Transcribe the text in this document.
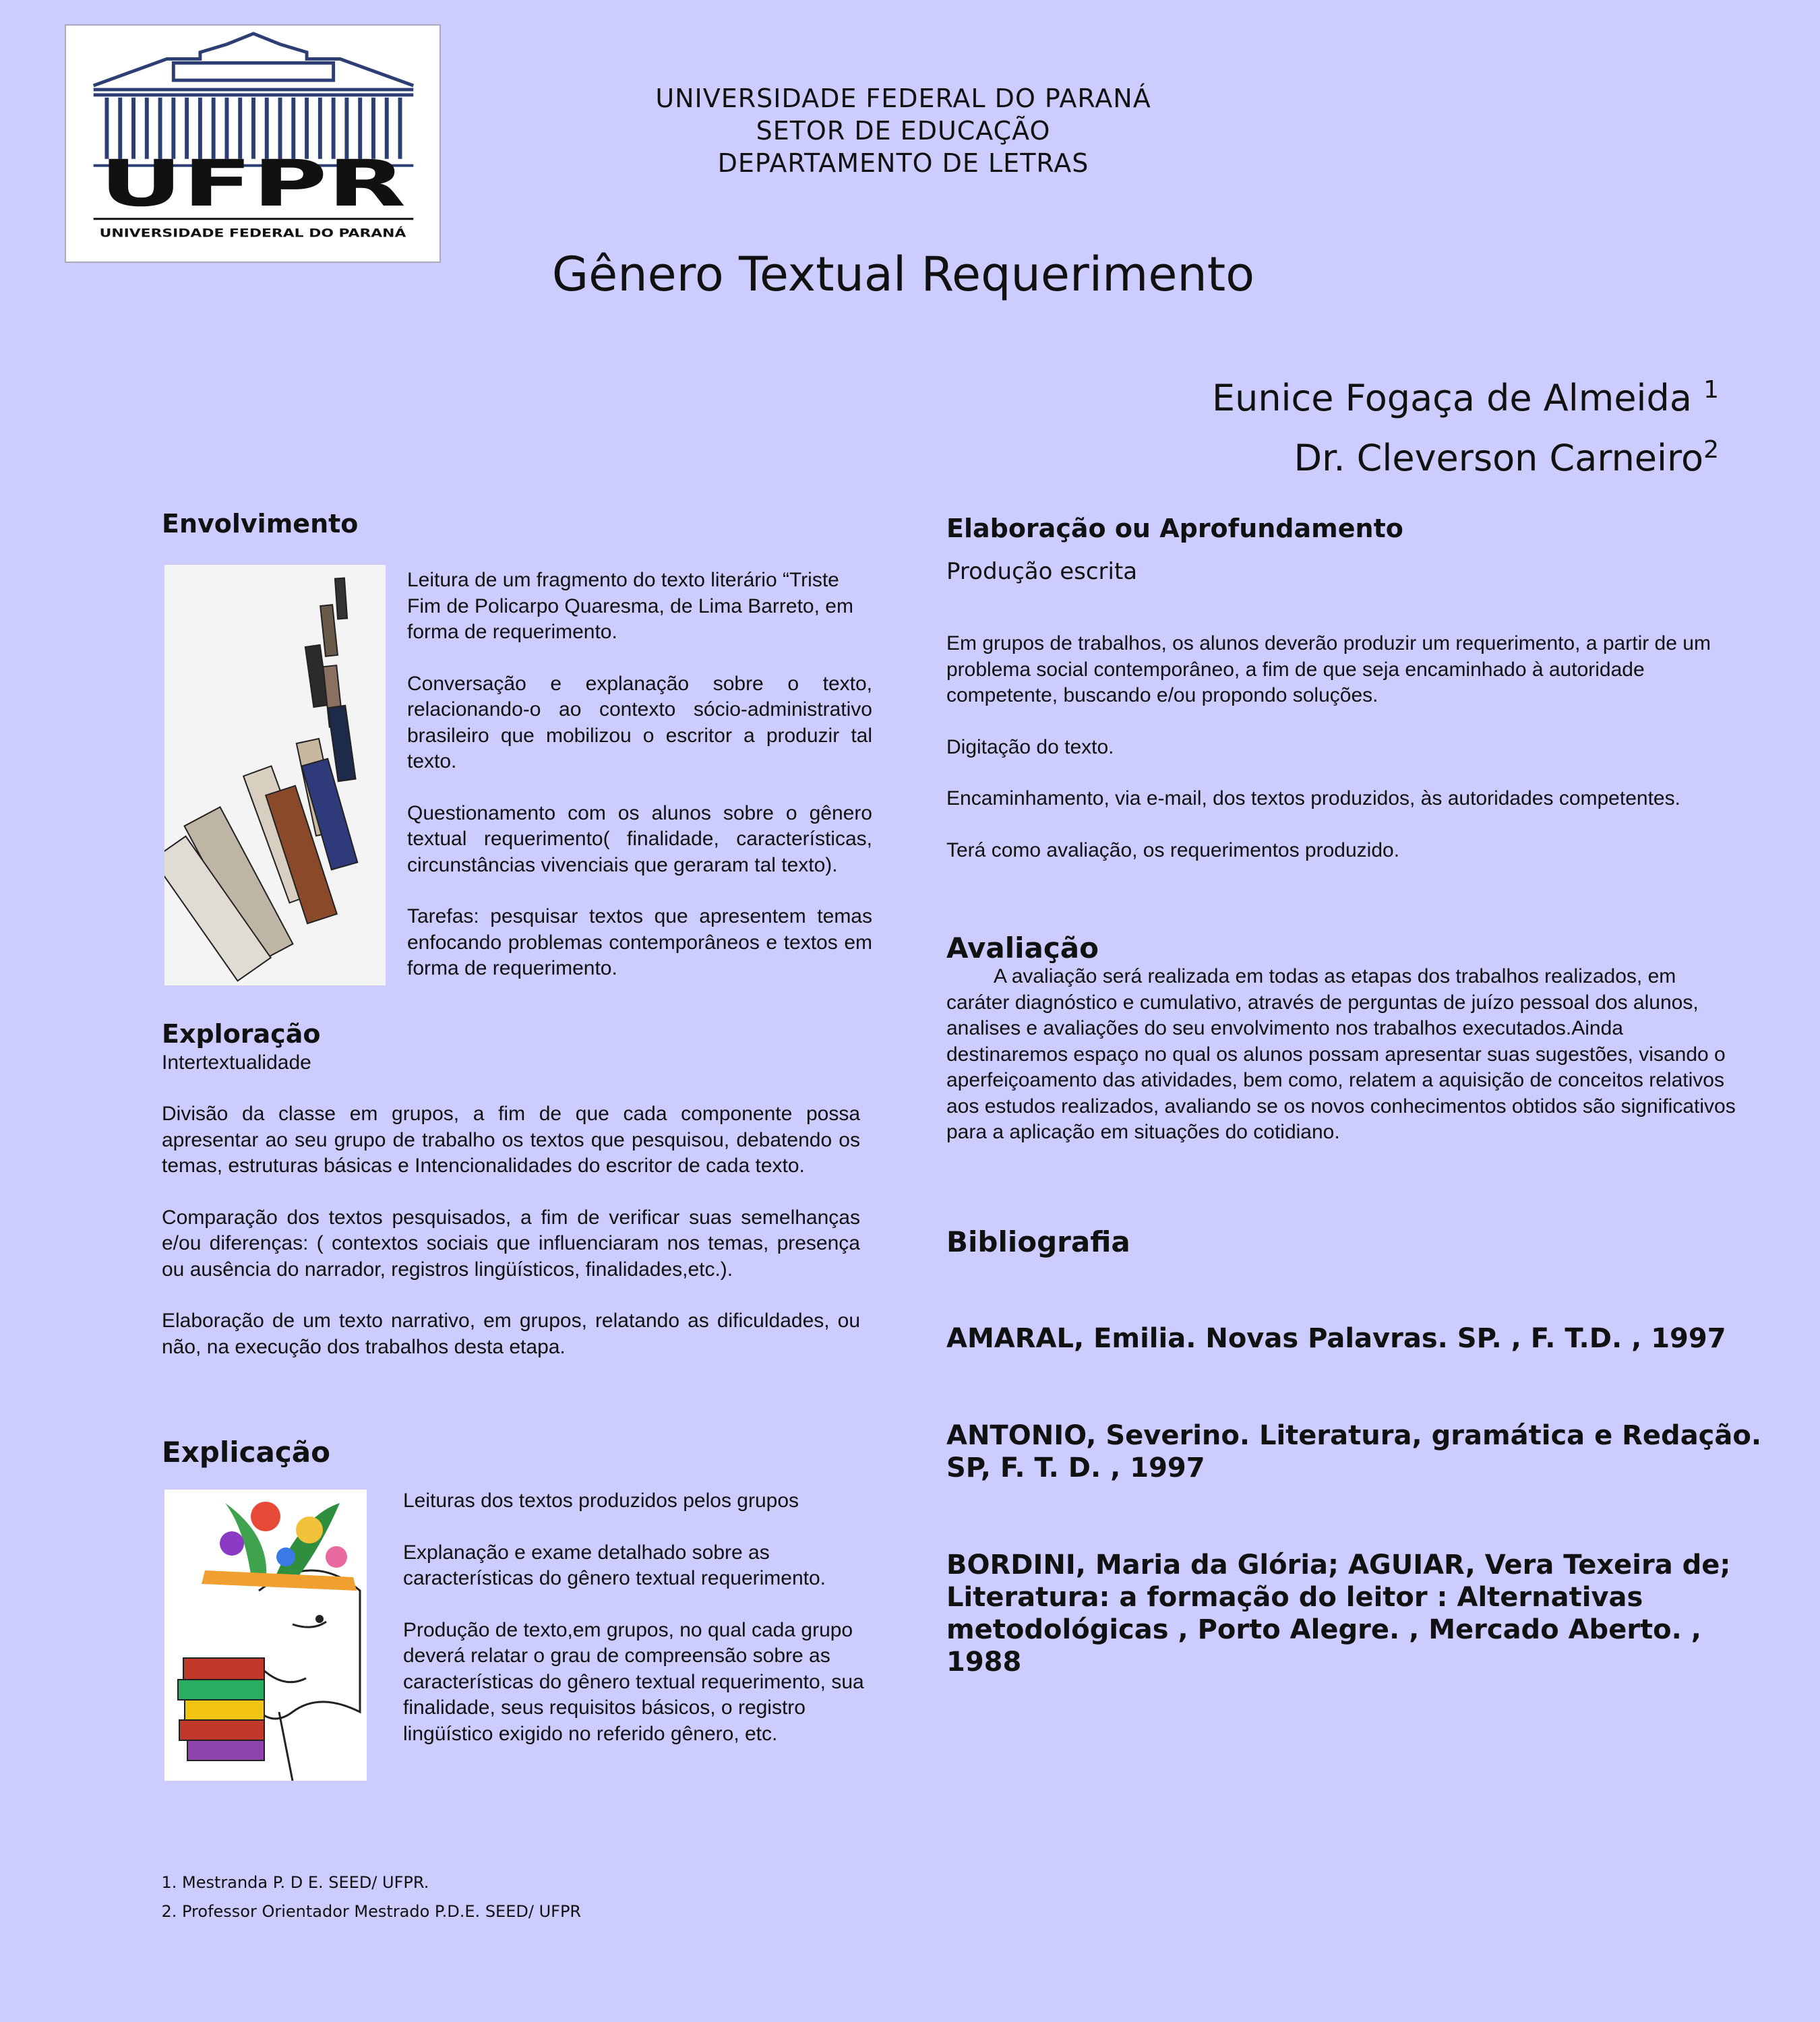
UFPR
UNIVERSIDADE FEDERAL DO PARANÁ
UNIVERSIDADE FEDERAL DO PARANÁ
SETOR DE EDUCAÇÃO
DEPARTAMENTO DE LETRAS
Gênero Textual Requerimento
Eunice Fogaça de Almeida $^1$
Dr. Cleverson Carneiro$^2$
Envolvimento

Leitura de um fragmento do texto literário “Triste Fim de Policarpo Quaresma, de Lima Barreto, em forma de requerimento.

Conversação e explanação sobre o texto, relacionando-o ao contexto sócio-administrativo brasileiro que mobilizou o escritor a produzir tal texto.

Questionamento com os alunos sobre o gênero textual requerimento( finalidade, características, circunstâncias vivenciais que geraram tal texto).

Tarefas: pesquisar textos que apresentem temas enfocando problemas contemporâneos e textos em forma de requerimento.

Exploração
Intertextualidade

Divisão da classe em grupos, a fim de que cada componente possa apresentar ao seu grupo de trabalho os textos que pesquisou, debatendo os temas, estruturas básicas e Intencionalidades do escritor de cada texto.

Comparação dos textos pesquisados, a fim de verificar suas semelhanças e/ou diferenças: ( contextos sociais que influenciaram nos temas, presença ou ausência do narrador, registros lingüísticos, finalidades,etc.).

Elaboração de um texto narrativo, em grupos, relatando as dificuldades, ou não, na execução dos trabalhos desta etapa.

Explicação

Leituras dos textos produzidos pelos grupos

Explanação e exame detalhado sobre as características do gênero textual requerimento.

Produção de texto,em grupos, no qual cada grupo deverá relatar o grau de compreensão sobre as características do gênero textual requerimento, sua finalidade, seus requisitos básicos, o registro lingüístico exigido no referido gênero, etc.

Elaboração ou Aprofundamento
Produção escrita

Em grupos de trabalhos, os alunos deverão produzir um requerimento, a partir de um problema social contemporâneo, a fim de que seja encaminhado à autoridade competente, buscando e/ou propondo soluções.

Digitação do texto.

Encaminhamento, via e-mail, dos textos produzidos, às autoridades competentes.

Terá como avaliação, os requerimentos produzido.

Avaliação

A avaliação será realizada em todas as etapas dos trabalhos realizados, em caráter diagnóstico e cumulativo, através de perguntas de juízo pessoal dos alunos, analises e avaliações do seu envolvimento nos trabalhos executados.Ainda destinaremos espaço no qual os alunos possam apresentar suas sugestões, visando o aperfeiçoamento das atividades, bem como, relatem a aquisição de conceitos relativos aos estudos realizados, avaliando se os novos conhecimentos obtidos são significativos para a aplicação em situações do cotidiano.

Bibliografia

AMARAL, Emilia. Novas Palavras. SP. , F. T.D. , 1997

ANTONIO, Severino. Literatura, gramática e Redação. SP, F. T. D. , 1997

BORDINI, Maria da Glória; AGUIAR, Vera Texeira de; Literatura: a formação do leitor : Alternativas metodológicas , Porto Alegre. , Mercado Aberto. , 1988

1. Mestranda P. D E. SEED/ UFPR.
2. Professor Orientador Mestrado P.D.E. SEED/ UFPR
